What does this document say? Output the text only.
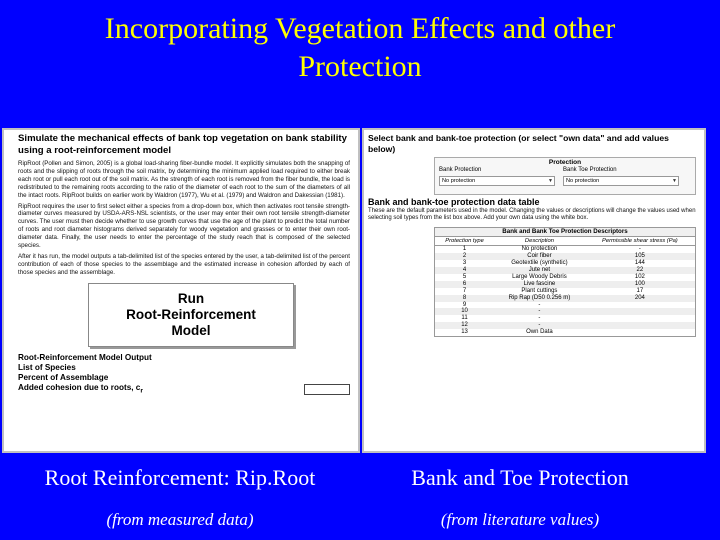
Incorporating Vegetation Effects and other
Protection
Simulate the mechanical effects of bank top vegetation on bank stability using a root-reinforcement model
RipRoot (Pollen and Simon, 2005) is a global load-sharing fiber-bundle model. It explicitly simulates both the snapping of roots and the slipping of roots through the soil matrix, by determining the minimum applied load required to either break each root or pull each root out of the soil matrix. As the strength of each root is removed from the fiber bundle, the load is redistributed to the remaining roots according to the ratio of the diameter of each root to the sum of the diameters of all the intact roots. RipRoot builds on earlier work by Waldron (1977), Wu et al. (1979) and Waldron and Dakessian (1981).
RipRoot requires the user to first select either a species from a drop-down box, which then activates root tensile strength-diameter curves measured by USDA-ARS-NSL scientists, or the user may enter their own root tensile strength-diameter curves. The user must then decide whether to use growth curves that use the age of the plant to predict the total number of roots and root diameter histograms derived separately for woody vegetation and grasses or to enter their own root-diameter data. Finally, the user needs to enter the percentage of the study reach that is composed of the selected species.
After it has run, the model outputs a tab-delimited list of the species entered by the user, a tab-delimited list of the percent contribution of each of those species to the assemblage and the estimated increase in cohesion afforded by each of those species and the assemblage.
Run
Root-Reinforcement
Model
Root-Reinforcement Model Output
List of Species
Percent of Assemblage
Added cohesion due to roots, $c_r$
Select bank and bank-toe protection (or select "own data" and add values below)
Protection
Bank Protection	Bank Toe Protection
No protection	▼	No protection	▼
Bank and bank-toe protection data table
These are the default parameters used in the model. Changing the values or descriptions will change the values used when selecting soil types from the list box above. Add your own data using the white box.
Bank and Bank Toe Protection Descriptors
Protection type	Description	Permissible shear stress (Pa)
1	No protection	-
2	Coir fiber	105
3	Geotextile (synthetic)	144
4	Jute net	22
5	Large Woody Debris	102
6	Live fascine	100
7	Plant cuttings	17
8	Rip Rap (D50 0.256 m)	204
9	-	
10	-	
11	-	
12	-	
13	Own Data	
Root Reinforcement: Rip.Root	Bank and Toe Protection
(from measured data)	(from literature values)
